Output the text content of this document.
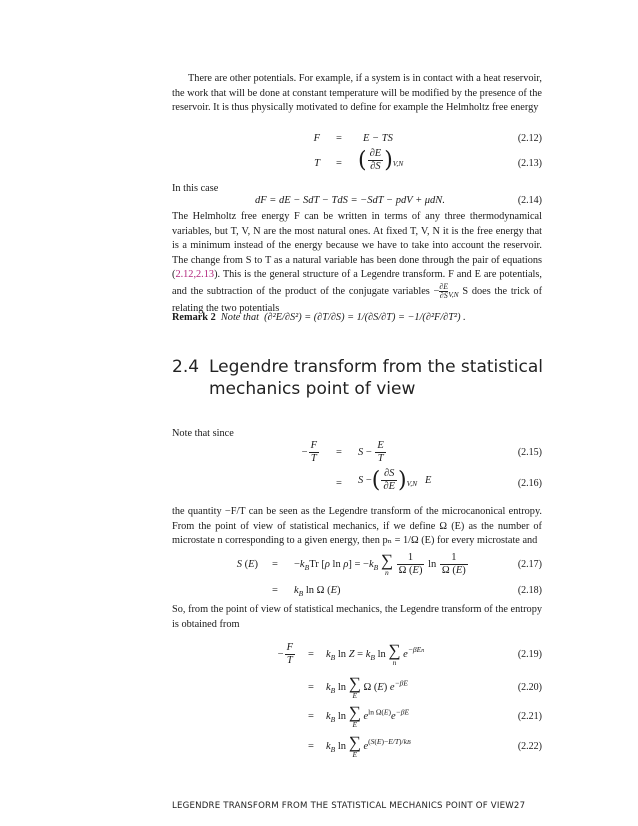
There are other potentials. For example, if a system is in contact with a heat reservoir, the work that will be done at constant temperature will be modified by the presence of the reservoir. It is thus physically motivated to define for example the Helmholtz free energy

F	=	E − TS	(2.12)
T	= ( $\frac{\partial E}{\partial S} )_{V,N}$	(2.13)
In this case
dF = dE − SdT − TdS = −SdT − pdV + μdN.	(2.14)

The Helmholtz free energy F can be written in terms of any three thermodynamical variables, but T, V, N are the most natural ones. At fixed T, V, N it is the free energy that is a minimum instead of the energy because we have to take into account the reservoir. The change from S to T as a natural variable has been done through the pair of equations (2.12,2.13). This is the general structure of a Legendre transform. F and E are potentials, and the subtraction of the product of the conjugate variables − $\frac{\partial E}{\partial S} _{V,N}$ S does the trick of relating the two potentials

Remark 2 Note that (∂²E/∂S²) = (∂T/∂S) = 1/(∂S/∂T) = −1/(∂²F/∂T²) .
2.4 Legendre transform from the statistical mechanics point of view
Note that since
− $\frac{F}{T}$	=	$S - \frac{E}{T}$	(2.15)
=	S −( $\frac{\partial S}{\partial E} )_{V,N}$   E	(2.16)

the quantity −F/T can be seen as the Legendre transform of the microcanonical entropy. From the point of view of statistical mechanics, if we define Ω (E) as the number of microstate n corresponding to a given energy, then pₙ = 1/Ω (E) for every microstate and

S (E)	=	$-k_BTr$ [ρ $\ln \rho] = -k_B$ ∑
n
$\frac{1}{\Omega (E)}$ $\ln \frac{1}{\Omega (E)}$	(2.17)
=	$k_B$ ln Ω (E)	(2.18)

So, from the point of view of statistical mechanics, the Legendre transform of the entropy is obtained from

− $\frac{F}{T}$	=	$k_B$ $\ln Z = k_B$ ln ∑
n
$e^{-\beta En}$	(2.19)
=	$k_B$ ln ∑
E
Ω (E) $e^{-\beta E}$	(2.20)
=	$k_B$ ln ∑
E
$e^{ln \Omega(E)}e^{-\beta E}$	(2.21)
=	$k_B$ ln ∑
E
$e^{(S(E)-E/T)/kB}$	(2.22)
LEGENDRE TRANSFORM FROM THE STATISTICAL MECHANICS POINT OF VIEW27
